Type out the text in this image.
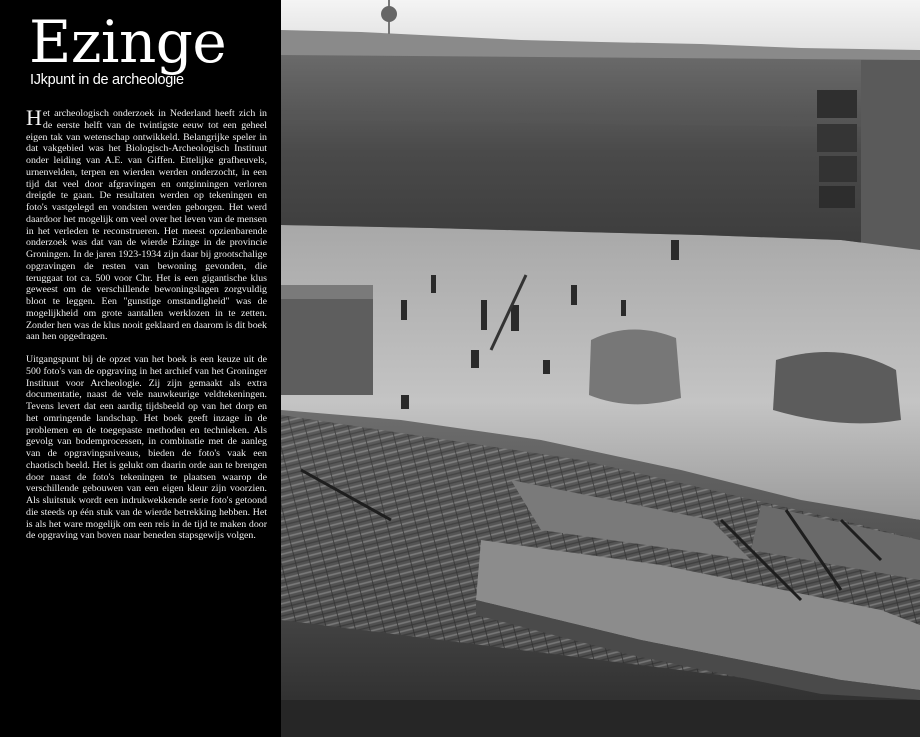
Ezinge
IJkpunt in de archeologie

Het archeologisch onderzoek in Nederland heeft zich in de eerste helft van de twintigste eeuw tot een geheel eigen tak van wetenschap ontwikkeld. Belangrijke speler in dat vakgebied was het Biologisch-Archeologisch Instituut onder leiding van A.E. van Giffen. Ettelijke grafheuvels, urnenvelden, terpen en wierden werden onderzocht, in een tijd dat veel door afgravingen en ontginningen verloren dreigde te gaan. De resultaten werden op tekeningen en foto's vastgelegd en vondsten werden geborgen. Het werd daardoor het mogelijk om veel over het leven van de mensen in het verleden te reconstrueren. Het meest opzienbarende onderzoek was dat van de wierde Ezinge in de provincie Groningen. In de jaren 1923-1934 zijn daar bij grootschalige opgravingen de resten van bewoning gevonden, die teruggaat tot ca. 500 voor Chr. Het is een gigantische klus geweest om de verschillende bewoningslagen zorgvuldig bloot te leggen. Een "gunstige omstandigheid" was de mogelijkheid om grote aantallen werklozen in te zetten. Zonder hen was de klus nooit geklaard en daarom is dit boek aan hen opgedragen.

Uitgangspunt bij de opzet van het boek is een keuze uit de 500 foto's van de opgraving in het archief van het Groninger Instituut voor Archeologie. Zij zijn gemaakt als extra documentatie, naast de vele nauwkeurige veldtekeningen. Tevens levert dat een aardig tijdsbeeld op van het dorp en het omringende landschap. Het boek geeft inzage in de problemen en de toegepaste methoden en technieken. Als gevolg van bodemprocessen, in combinatie met de aanleg van de opgravingsniveaus, bieden de foto's vaak een chaotisch beeld. Het is gelukt om daarin orde aan te brengen door naast de foto's tekeningen te plaatsen waarop de verschillende gebouwen van een eigen kleur zijn voorzien. Als sluitstuk wordt een indrukwekkende serie foto's getoond die steeds op één stuk van de wierde betrekking hebben. Het is als het ware mogelijk om een reis in de tijd te maken door de opgraving van boven naar beneden stapsgewijs volgen.
